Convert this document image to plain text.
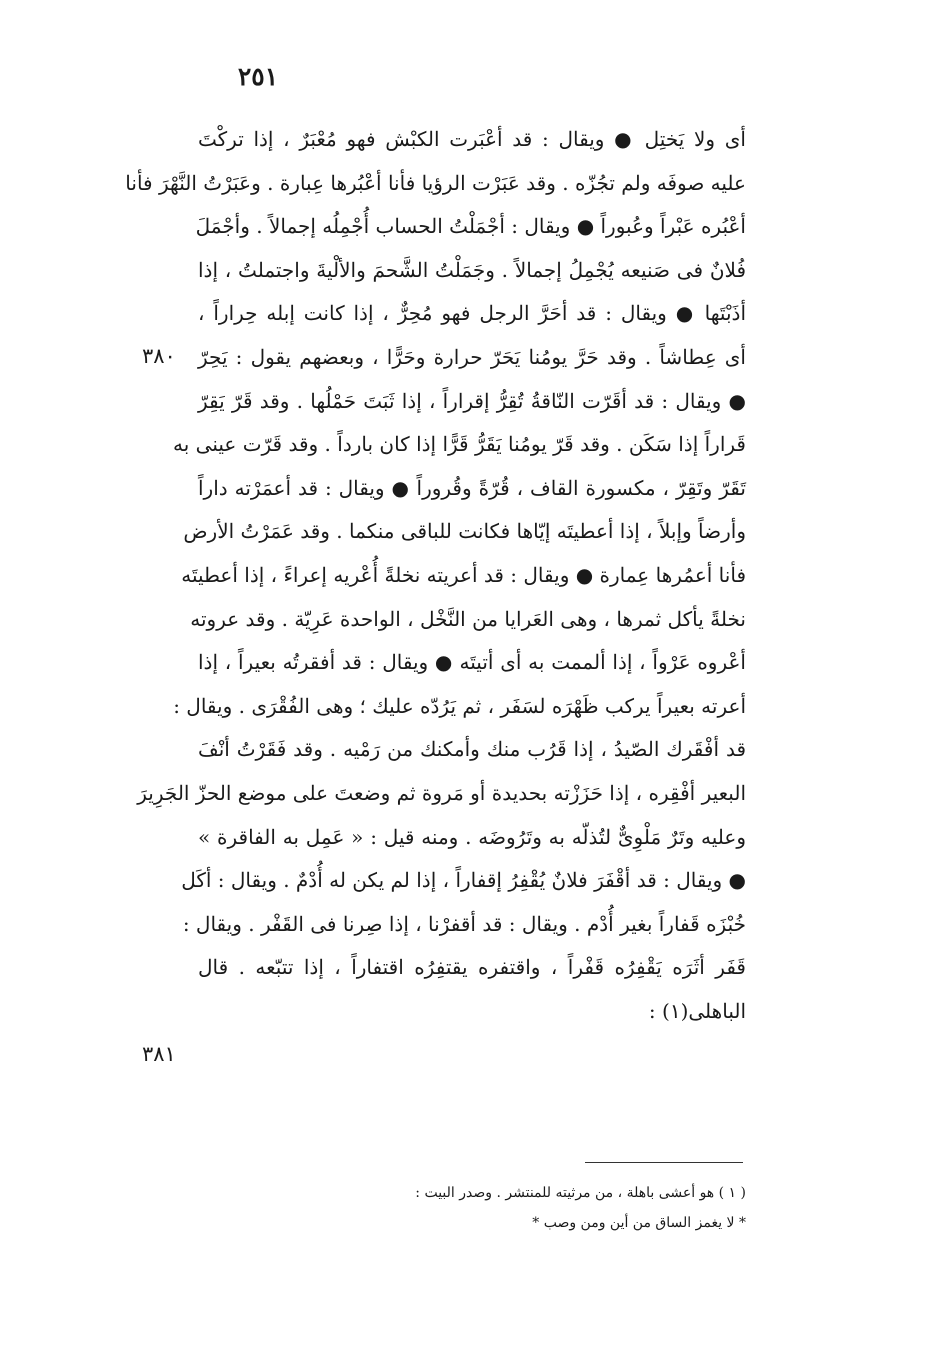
٢٥١
أى ولا يَختِل ● ويقال : قد أعْبَرت الكبْش فهو مُعْبَرٌ ، إذا تركْتَ
عليه صوفَه ولم تجُزّه . وقد عَبَرْت الرؤيا فأنا أعْبُرها عِبارة . وعَبَرْتُ النَّهْرَ فأنا
أعْبُره عَبْراً وعُبوراً ● ويقال : أجْمَلْتُ الحساب أُجْمِلُه إجمالاً . وأجْمَلَ
فُلانٌ فى صَنيعه يُجْمِلُ إجمالاً . وجَمَلْتُ الشَّحمَ والألْيةَ واجتملتُ ، إذا
أذَبْتَها ● ويقال : قد أحَرَّ الرجل فهو مُحِرٌّ ، إذا كانت إبله حِراراً ،
أى عِطاشاً . وقد حَرَّ يومُنا يَحَرّ حرارة وحَرًّا ، وبعضهم يقول : يَحِرّ
● ويقال : قد أقَرّت النّاقةُ تُقِرُّ إقراراً ، إذا ثَبَتَ حَمْلُها . وقد قَرّ يَقِرّ
قَراراً إذا سَكَن . وقد قَرّ يومُنا يَقَرُّ قَرًّا إذا كان بارداً . وقد قَرّت عينى به
تَقَرّ وتَقِرّ ، مكسورة القاف ، قُرّةً وقُروراً ● ويقال : قد أعمَرْته داراً
وأرضاً وإبلاً ، إذا أعطيتَه إيّاها فكانت للباقى منكما . وقد عَمَرْتُ الأرض
فأنا أعمُرها عِمارة ● ويقال : قد أعريته نخلةً أُعْريه إعراءً ، إذا أعطيتَه
نخلةً يأكل ثمرها ، وهى العَرايا من النَّخْل ، الواحدة عَرِيّة . وقد عروته
أعْروه عَرْواً ، إذا ألممت به أى أتيتَه ● ويقال : قد أفقرتُه بعيراً ، إذا
أعرته بعيراً يركب ظَهْرَه لسَفَر ، ثم يَرُدّه عليك ؛ وهى الفُقْرَى . ويقال :
قد أفْقَرك الصّيدُ ، إذا قَرُب منك وأمكنك من رَمْيه . وقد فَقَرْتُ أنْفَ
البعير أفْقِره ، إذا حَزَزْته بحديدة أو مَروة ثم وضعتَ على موضع الحزّ الجَرِيرَ
وعليه وتَرٌ مَلْوِىٌّ لتُذلّه به وتَرُوضَه . ومنه قيل : « عَمِل به الفاقرة »
● ويقال : قد أقْفَرَ فلانٌ يُقْفِرُ إقفاراً ، إذا لم يكن له أُدْمٌ . ويقال : أكَل
خُبْزَه قَفاراً بغير أُدْم . ويقال : قد أقفرْنا ، إذا صِرنا فى القَفْر . ويقال :
قَفَر أثَرَه يَقْفِرُه قَفْراً ، واقتفره يقتفِرُه اقتفاراً ، إذا تتبّعه . قال
الباهلى(١) :
٣٨٠
٣٨١
( ١ ) هو أعشى باهلة ، من مرثيته للمنتشر . وصدر البيت :
* لا يغمز الساق من أين ومن وصب *
